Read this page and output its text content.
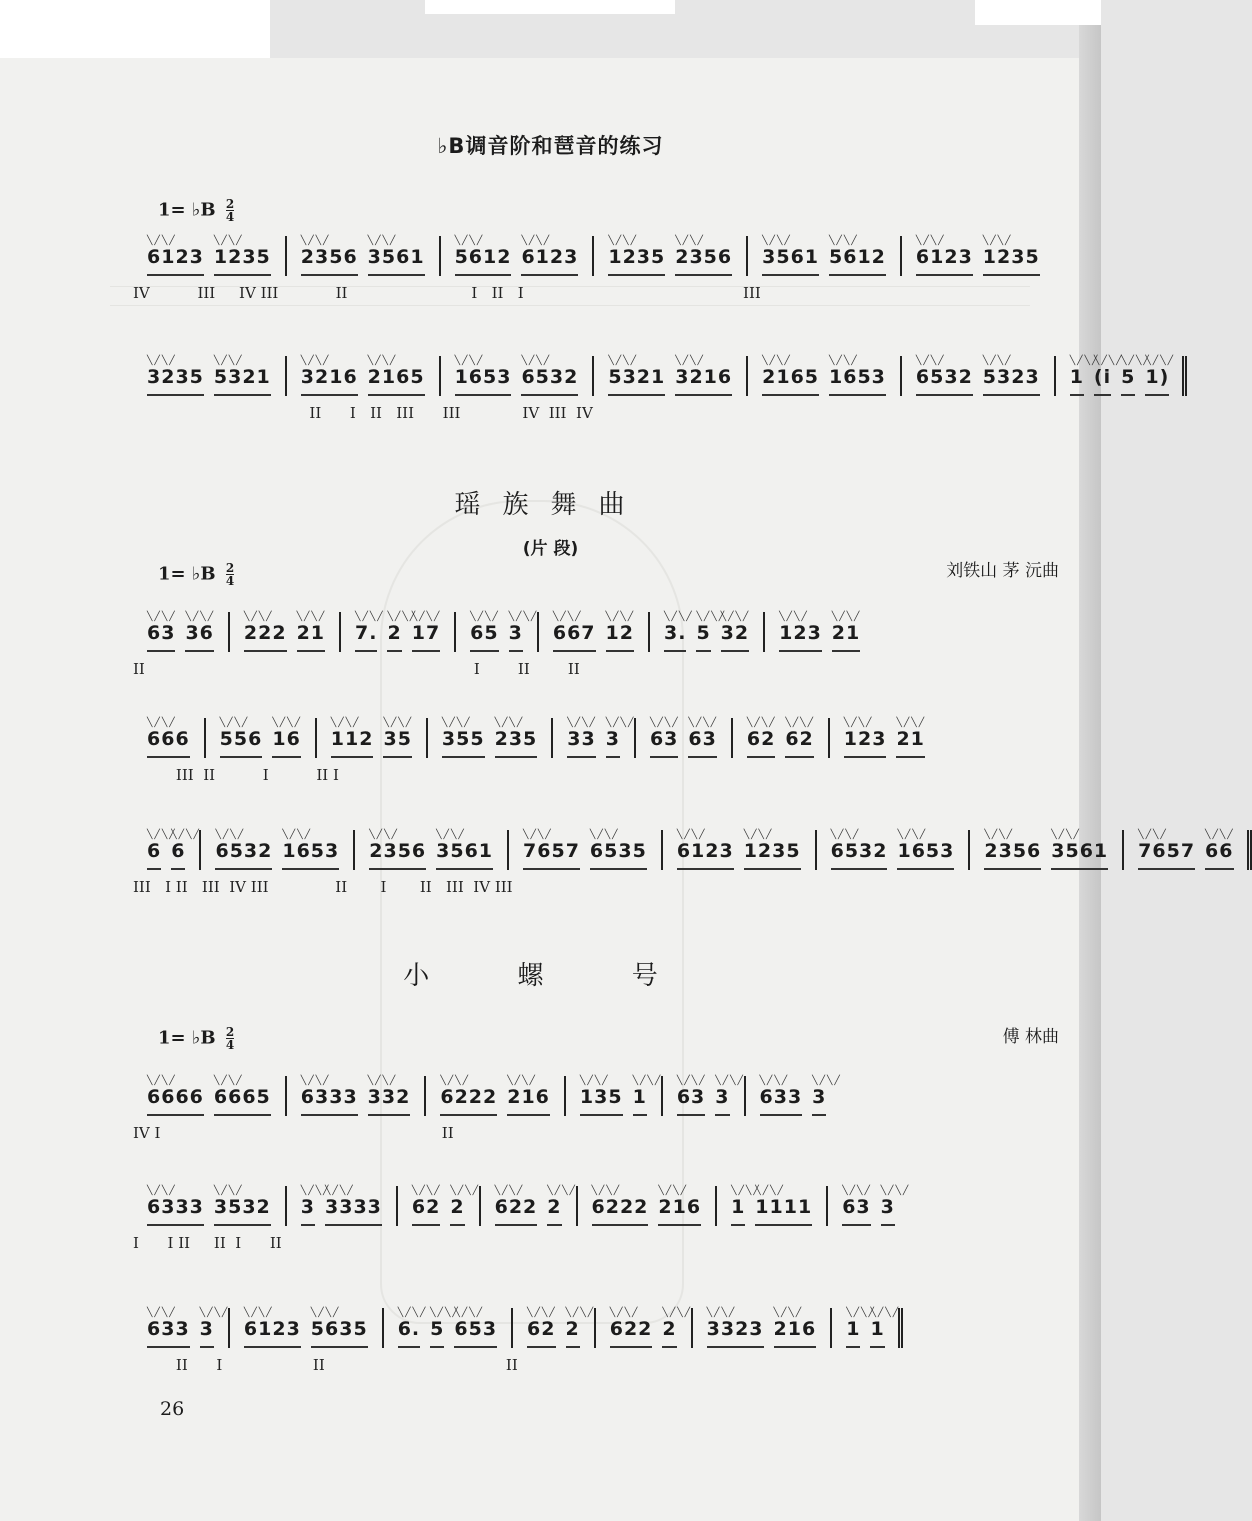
♭B调音阶和琶音的练习
1= ♭B $\frac{2}{4}$
╲╱╲╱ 6123 ╲╱╲╱ 1235 ╲╱╲╱ 2356 ╲╱╲╱ 3561 ╲╱╲╱ 5612 ╲╱╲╱ 6123 ╲╱╲╱ 1235 ╲╱╲╱ 2356 ╲╱╲╱ 3561 ╲╱╲╱ 5612 ╲╱╲╱ 6123 ╲╱╲╱ 1235
IV          III     IV III            II                          I   II   I                                              III
╲╱╲╱ 3235 ╲╱╲╱ 5321 ╲╱╲╱ 3216 ╲╱╲╱ 2165 ╲╱╲╱ 1653 ╲╱╲╱ 6532 ╲╱╲╱ 5321 ╲╱╲╱ 3216 ╲╱╲╱ 2165 ╲╱╲╱ 1653 ╲╱╲╱ 6532 ╲╱╲╱ 5323 ╲╱╲╱ 1 ╲╱╲╱ (i ╲╱╲╱ 5 ╲╱╲╱ 1)
II      I   II   III      III             IV  III  IV
瑶族舞曲
(片 段)
1= ♭B $\frac{2}{4}$	刘铁山 茅 沅曲
╲╱╲╱ 63 ╲╱╲╱ 36 ╲╱╲╱ 222 ╲╱╲╱ 21 ╲╱╲╱ 7. ╲╱╲╱ 2 ╲╱╲╱ 17 ╲╱╲╱ 65 ╲╱╲╱ 3 ╲╱╲╱ 667 ╲╱╲╱ 12 ╲╱╲╱ 3. ╲╱╲╱ 5 ╲╱╲╱ 32 ╲╱╲╱ 123 ╲╱╲╱ 21
II                                                                     I        II        II
╲╱╲╱ 666 ╲╱╲╱ 556 ╲╱╲╱ 16 ╲╱╲╱ 112 ╲╱╲╱ 35 ╲╱╲╱ 355 ╲╱╲╱ 235 ╲╱╲╱ 33 ╲╱╲╱ 3 ╲╱╲╱ 63 ╲╱╲╱ 63 ╲╱╲╱ 62 ╲╱╲╱ 62 ╲╱╲╱ 123 ╲╱╲╱ 21
III  II          I          II I
╲╱╲╱ 6 ╲╱╲╱ 6 ╲╱╲╱ 6532 ╲╱╲╱ 1653 ╲╱╲╱ 2356 ╲╱╲╱ 3561 ╲╱╲╱ 7657 ╲╱╲╱ 6535 ╲╱╲╱ 6123 ╲╱╲╱ 1235 ╲╱╲╱ 6532 ╲╱╲╱ 1653 ╲╱╲╱ 2356 ╲╱╲╱ 3561 ╲╱╲╱ 7657 ╲╱╲╱ 66
III   I II   III  IV III              II       I       II   III  IV III
小 螺 号
1= ♭B $\frac{2}{4}$	傅 林曲
╲╱╲╱ 6666 ╲╱╲╱ 6665 ╲╱╲╱ 6333 ╲╱╲╱ 332 ╲╱╲╱ 6222 ╲╱╲╱ 216 ╲╱╲╱ 135 ╲╱╲╱ 1 ╲╱╲╱ 63 ╲╱╲╱ 3 ╲╱╲╱ 633 ╲╱╲╱ 3
IV I                                                           II
╲╱╲╱ 6333 ╲╱╲╱ 3532 ╲╱╲╱ 3 ╲╱╲╱ 3333 ╲╱╲╱ 62 ╲╱╲╱ 2 ╲╱╲╱ 622 ╲╱╲╱ 2 ╲╱╲╱ 6222 ╲╱╲╱ 216 ╲╱╲╱ 1 ╲╱╲╱ 1111 ╲╱╲╱ 63 ╲╱╲╱ 3
I      I II     II  I      II
╲╱╲╱ 633 ╲╱╲╱ 3 ╲╱╲╱ 6123 ╲╱╲╱ 5635 ╲╱╲╱ 6. ╲╱╲╱ 5 ╲╱╲╱ 653 ╲╱╲╱ 62 ╲╱╲╱ 2 ╲╱╲╱ 622 ╲╱╲╱ 2 ╲╱╲╱ 3323 ╲╱╲╱ 216 ╲╱╲╱ 1 ╲╱╲╱ 1
II      I                   II                                      II
26
